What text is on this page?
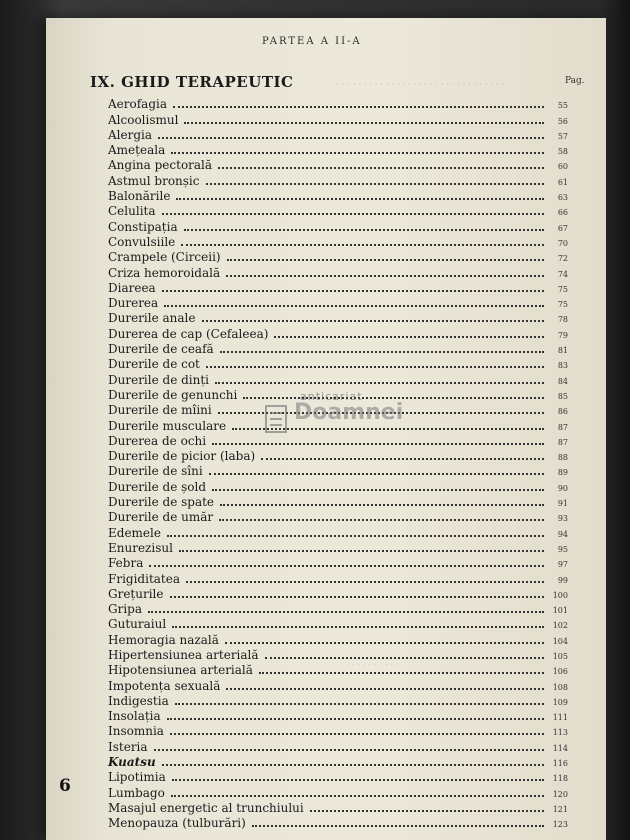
·······························
···············
··········
PARTEA A II-A
IX. GHID TERAPEUTIC	Pag.
Aerofagia	55
Alcoolismul	56
Alergia	57
Amețeala	58
Angina pectorală	60
Astmul bronșic	61
Balonările	63
Celulita	66
Constipația	67
Convulsiile	70
Crampele (Circeii)	72
Criza hemoroidală	74
Diareea	75
Durerea	75
Durerile anale	78
Durerea de cap (Cefaleea)	79
Durerile de ceafă	81
Durerile de cot	83
Durerile de dinți	84
Durerile de genunchi	85
Durerile de mîini	86
Durerile musculare	87
Durerea de ochi	87
Durerile de picior (laba)	88
Durerile de sîni	89
Durerile de șold	90
Durerile de spate	91
Durerile de umăr	93
Edemele	94
Enurezisul	95
Febra	97
Frigiditatea	99
Grețurile	100
Gripa	101
Guturaiul	102
Hemoragia nazală	104
Hipertensiunea arterială	105
Hipotensiunea arterială	106
Impotența sexuală	108
Indigestia	109
Insolația	111
Insomnia	113
Isteria	114
Kuatsu	116
Lipotimia	118
Lumbago	120
Masajul energetic al trunchiului	121
Menopauza (tulburări)	123
anticariat
Doamnei
6
